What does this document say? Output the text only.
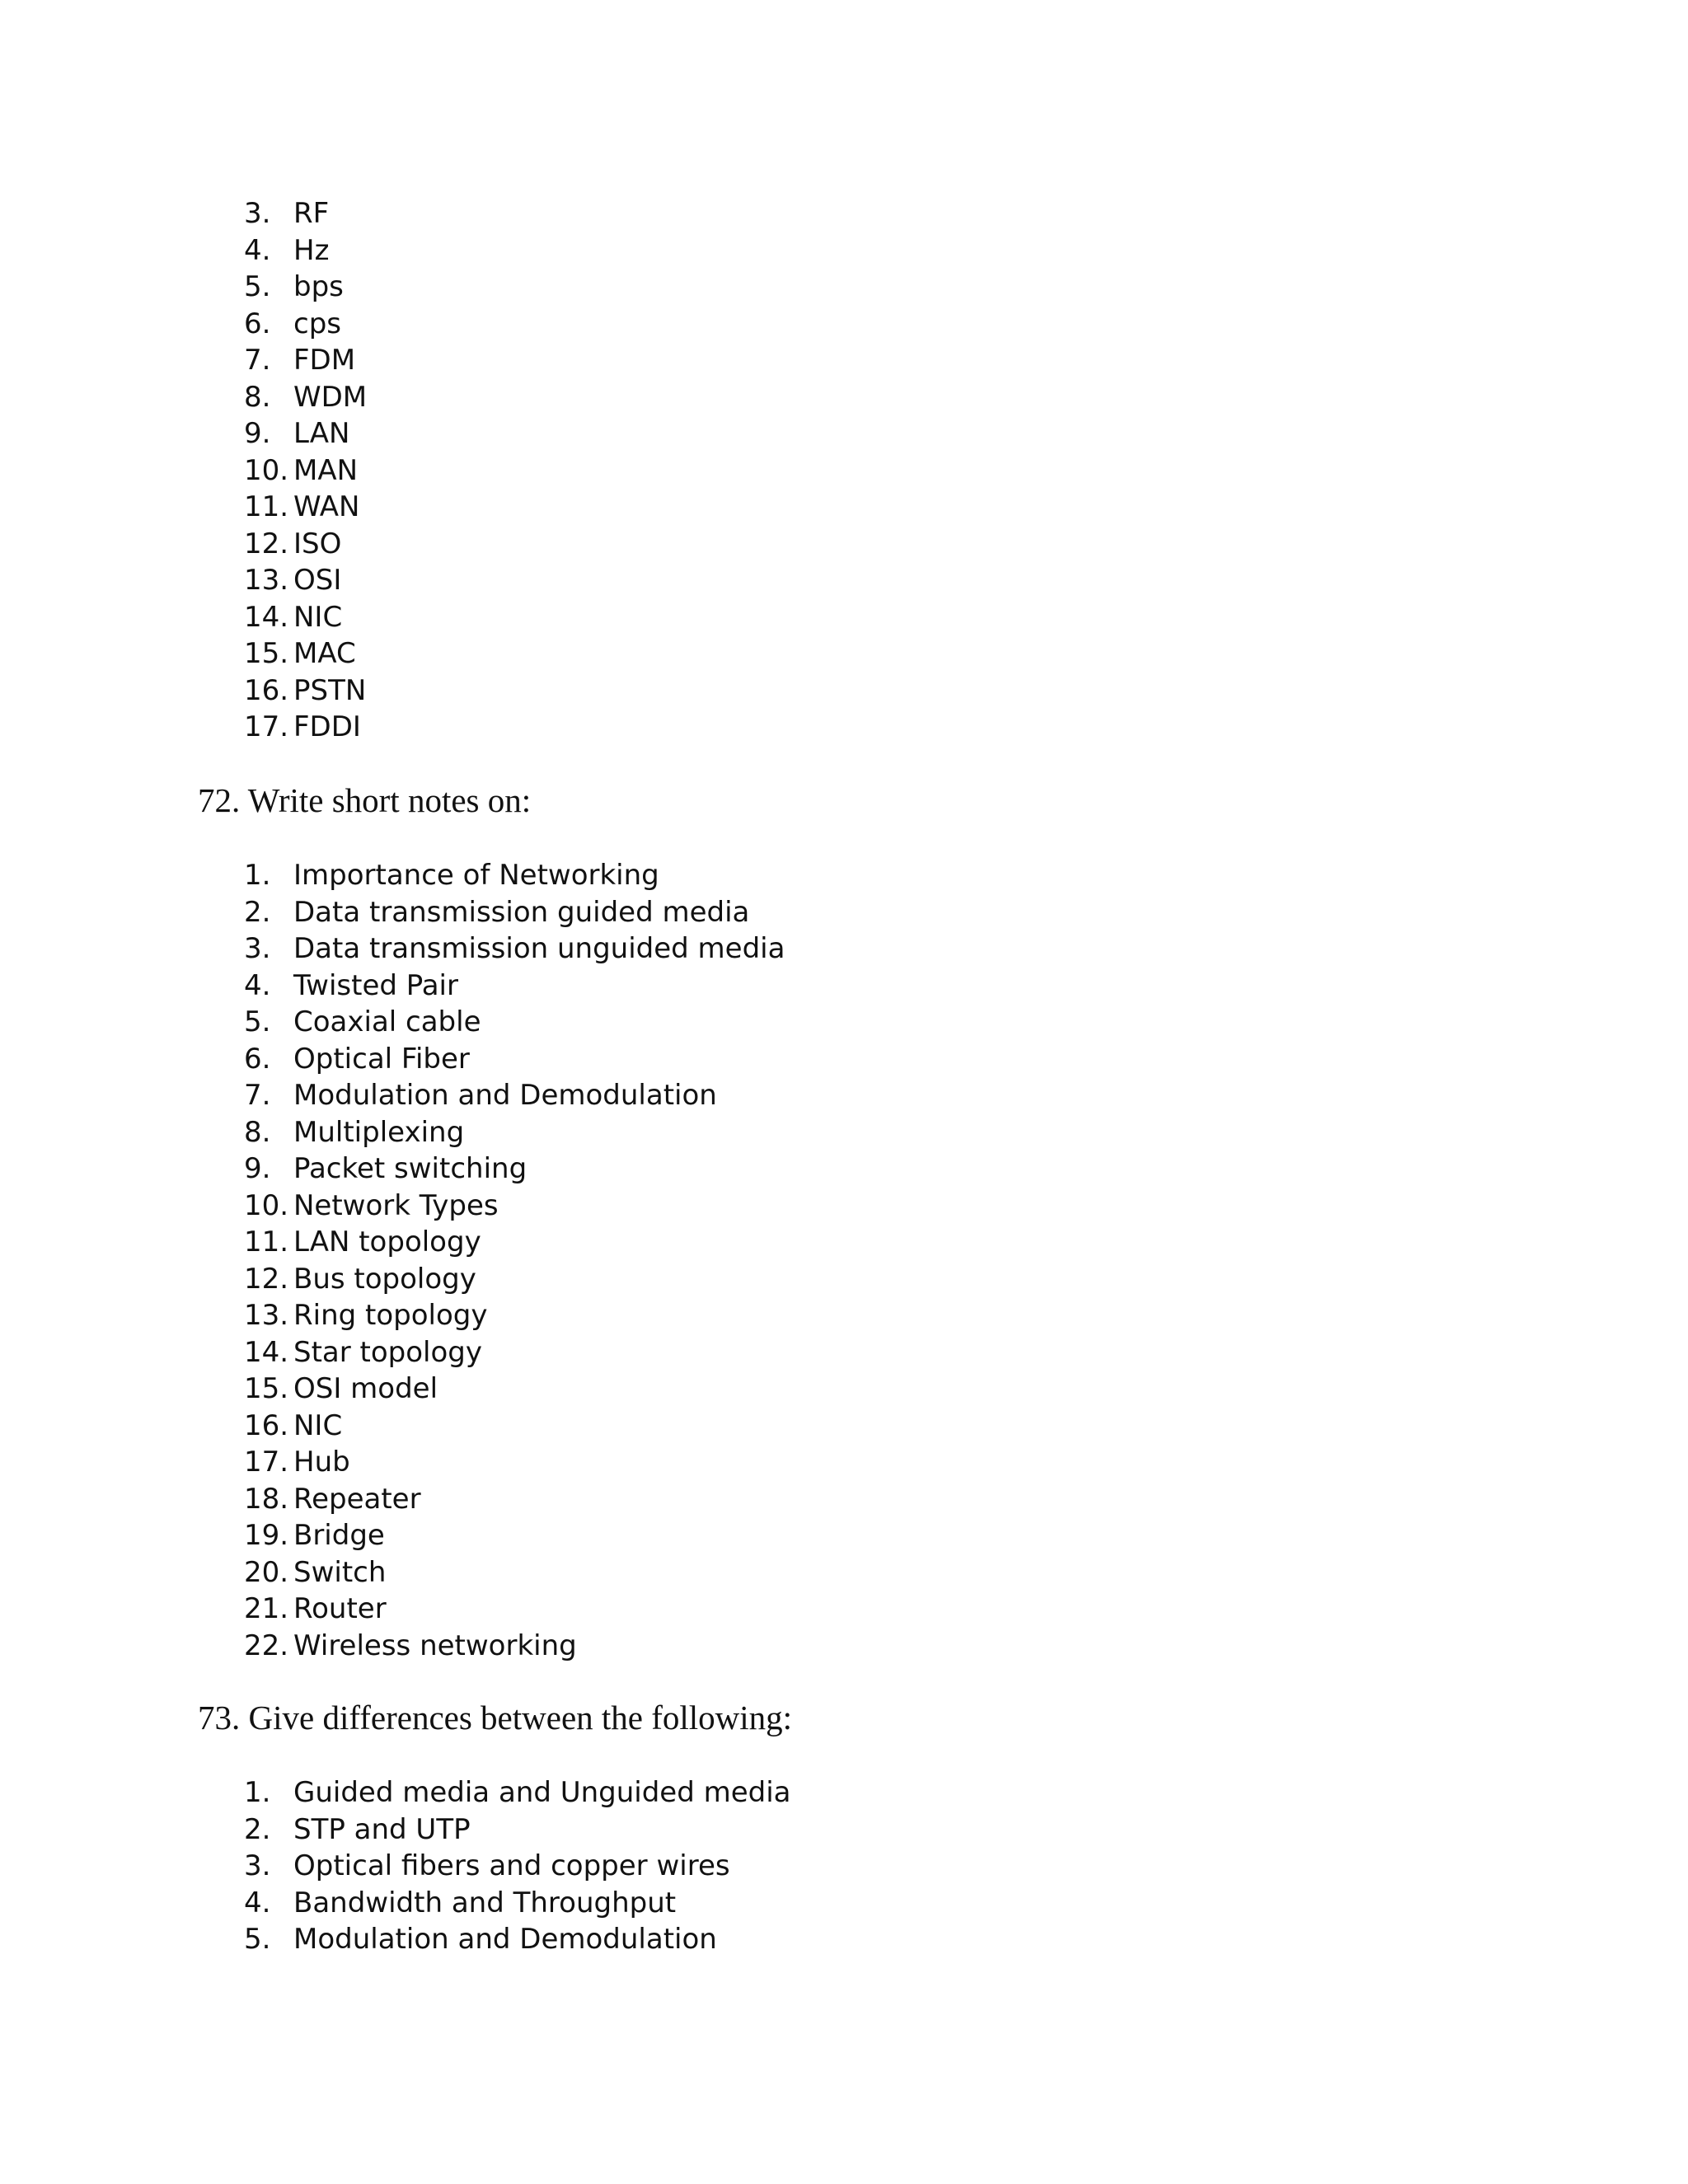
3. RF
4. Hz
5. bps
6. cps
7. FDM
8. WDM
9. LAN
10. MAN
11. WAN
12. ISO
13. OSI
14. NIC
15. MAC
16. PSTN
17. FDDI
72. Write short notes on:
1. Importance of Networking
2. Data transmission guided media
3. Data transmission unguided media
4. Twisted Pair
5. Coaxial cable
6. Optical Fiber
7. Modulation and Demodulation
8. Multiplexing
9. Packet switching
10. Network Types
11. LAN topology
12. Bus topology
13. Ring topology
14. Star topology
15. OSI model
16. NIC
17. Hub
18. Repeater
19. Bridge
20. Switch
21. Router
22. Wireless networking
73. Give differences between the following:
1. Guided media and Unguided media
2. STP and UTP
3. Optical fibers and copper wires
4. Bandwidth and Throughput
5. Modulation and Demodulation
